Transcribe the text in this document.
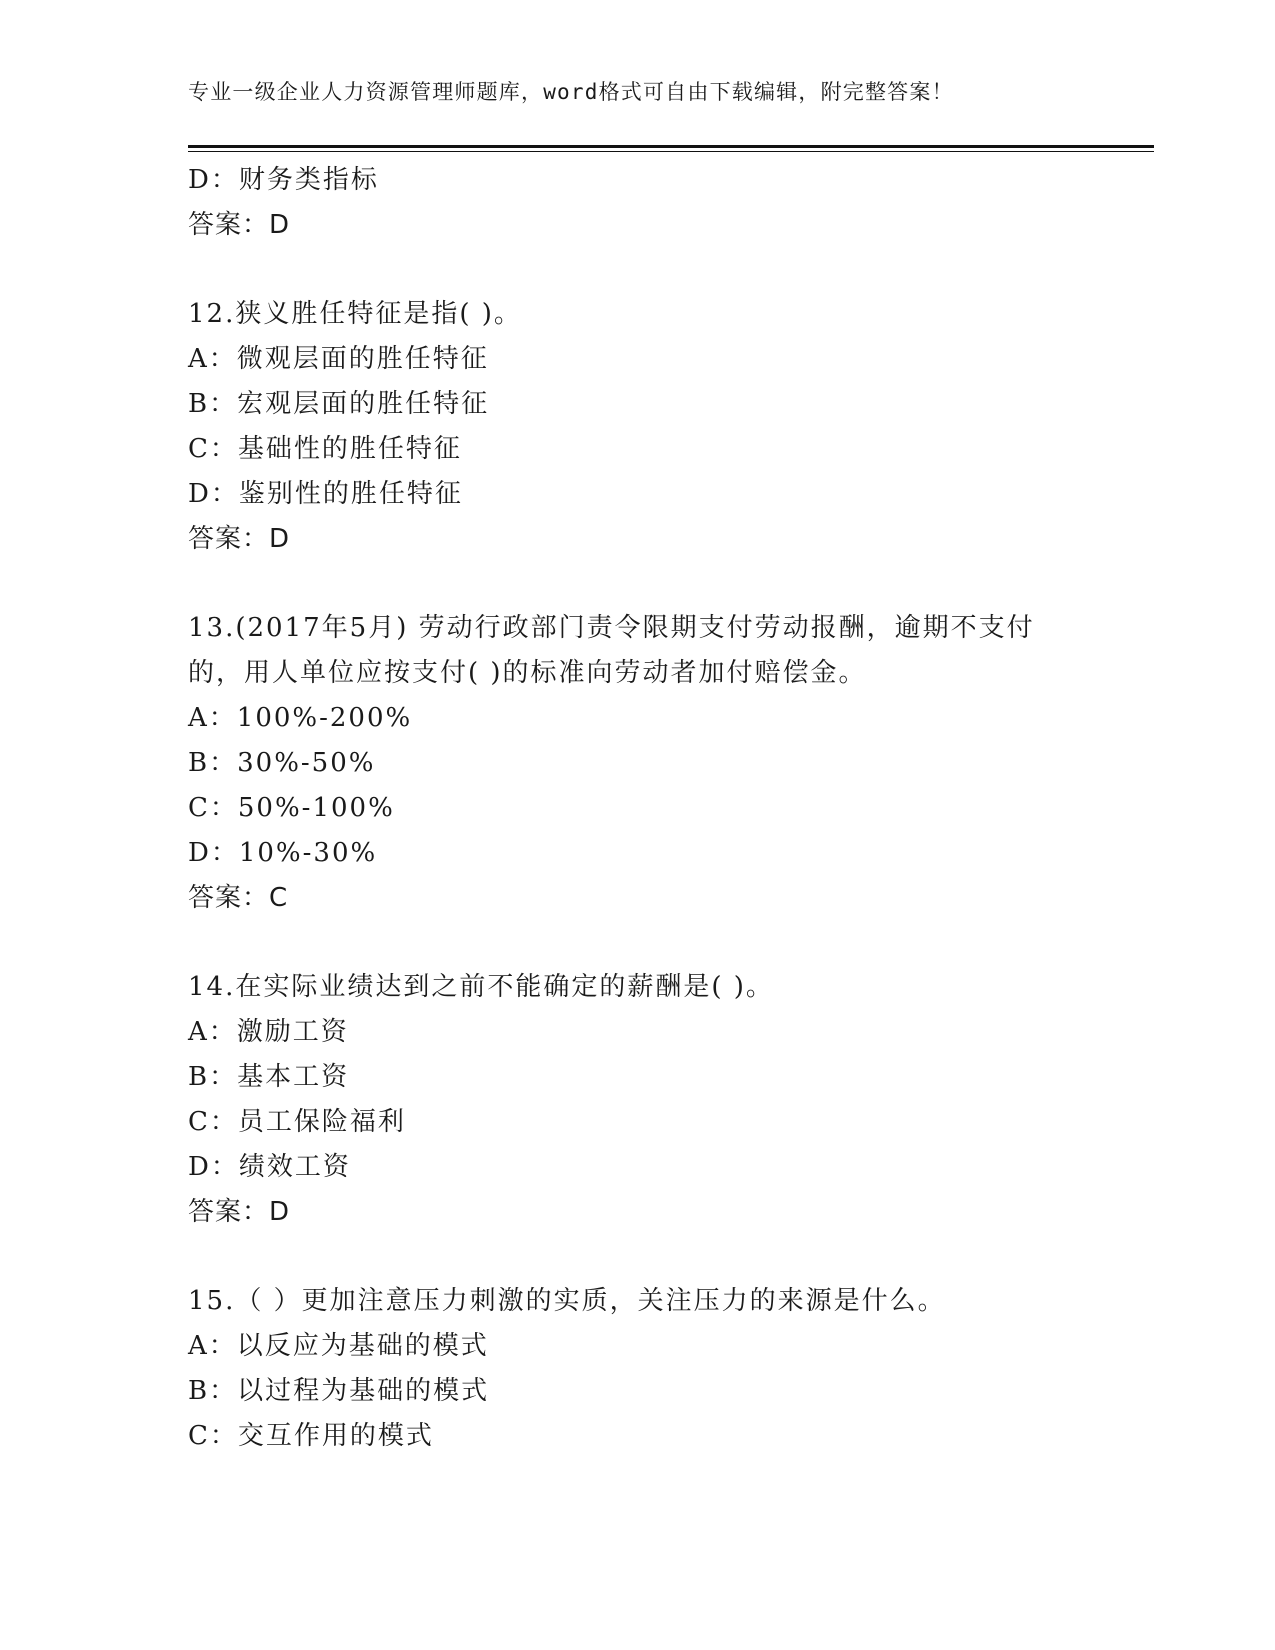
专业一级企业人力资源管理师题库，word格式可自由下载编辑，附完整答案！
D：财务类指标
答案：D
12.狭义胜任特征是指( )。
A：微观层面的胜任特征
B：宏观层面的胜任特征
C：基础性的胜任特征
D：鉴别性的胜任特征
答案：D
13.(2017年5月) 劳动行政部门责令限期支付劳动报酬，逾期不支付
的，用人单位应按支付( )的标准向劳动者加付赔偿金。
A：100%-200%
B：30%-50%
C：50%-100%
D：10%-30%
答案：C
14.在实际业绩达到之前不能确定的薪酬是( )。
A：激励工资
B：基本工资
C：员工保险福利
D：绩效工资
答案：D
15.（ ）更加注意压力刺激的实质，关注压力的来源是什么。
A：以反应为基础的模式
B：以过程为基础的模式
C：交互作用的模式
